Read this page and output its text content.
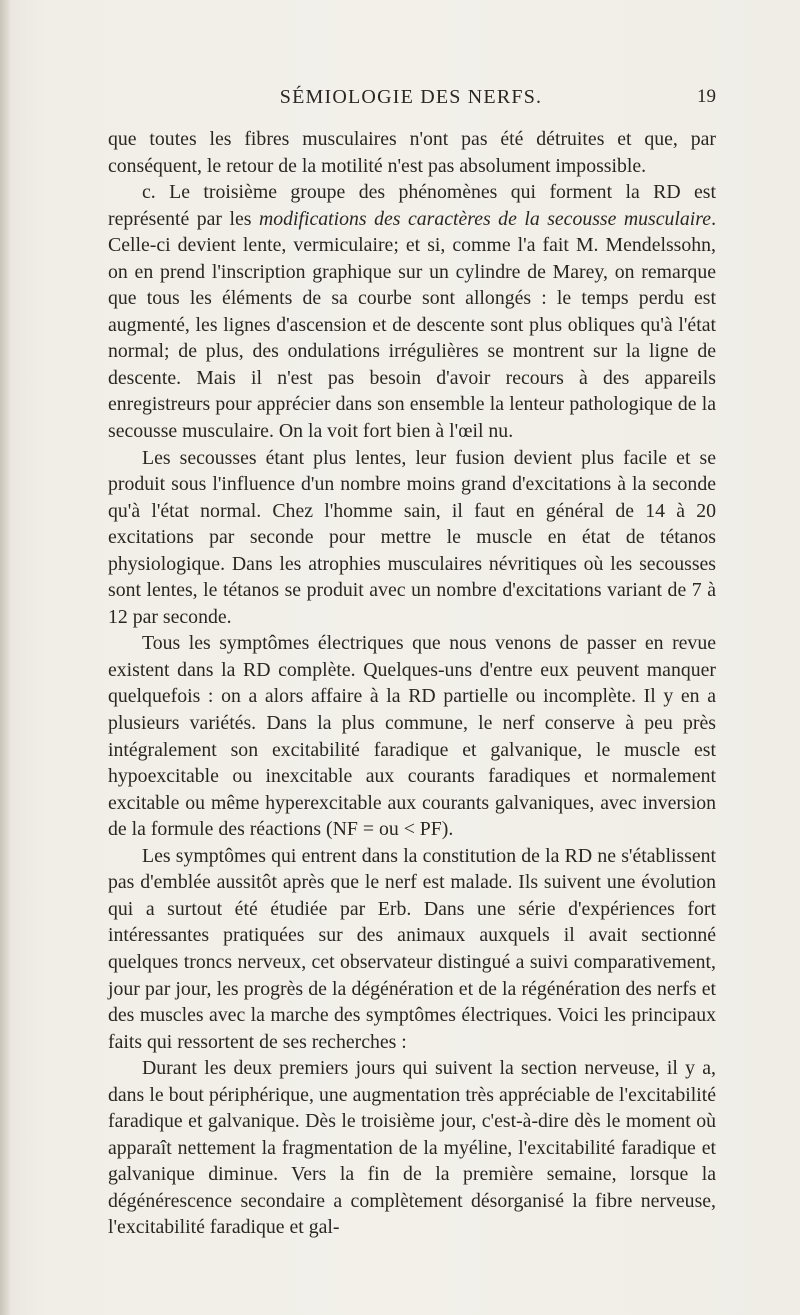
SÉMIOLOGIE DES NERFS.	19

que toutes les fibres musculaires n'ont pas été détruites et que, par conséquent, le retour de la motilité n'est pas absolument impossible.

c. Le troisième groupe des phénomènes qui forment la RD est représenté par les modifications des caractères de la secousse musculaire. Celle-ci devient lente, vermiculaire; et si, comme l'a fait M. Mendelssohn, on en prend l'inscription graphique sur un cylindre de Marey, on remarque que tous les éléments de sa courbe sont allongés : le temps perdu est augmenté, les lignes d'ascension et de descente sont plus obliques qu'à l'état normal; de plus, des ondulations irrégulières se montrent sur la ligne de descente. Mais il n'est pas besoin d'avoir recours à des appareils enregistreurs pour apprécier dans son ensemble la lenteur pathologique de la secousse musculaire. On la voit fort bien à l'œil nu.

Les secousses étant plus lentes, leur fusion devient plus facile et se produit sous l'influence d'un nombre moins grand d'excitations à la seconde qu'à l'état normal. Chez l'homme sain, il faut en général de 14 à 20 excitations par seconde pour mettre le muscle en état de tétanos physiologique. Dans les atrophies musculaires névritiques où les secousses sont lentes, le tétanos se produit avec un nombre d'excitations variant de 7 à 12 par seconde.

Tous les symptômes électriques que nous venons de passer en revue existent dans la RD complète. Quelques-uns d'entre eux peuvent manquer quelquefois : on a alors affaire à la RD partielle ou incomplète. Il y en a plusieurs variétés. Dans la plus commune, le nerf conserve à peu près intégralement son excitabilité faradique et galvanique, le muscle est hypoexcitable ou inexcitable aux courants faradiques et normalement excitable ou même hyperexcitable aux courants galvaniques, avec inversion de la formule des réactions (NF = ou < PF).

Les symptômes qui entrent dans la constitution de la RD ne s'établissent pas d'emblée aussitôt après que le nerf est malade. Ils suivent une évolution qui a surtout été étudiée par Erb. Dans une série d'expériences fort intéressantes pratiquées sur des animaux auxquels il avait sectionné quelques troncs nerveux, cet observateur distingué a suivi comparativement, jour par jour, les progrès de la dégénération et de la régénération des nerfs et des muscles avec la marche des symptômes électriques. Voici les principaux faits qui ressortent de ses recherches :

Durant les deux premiers jours qui suivent la section nerveuse, il y a, dans le bout périphérique, une augmentation très appréciable de l'excitabilité faradique et galvanique. Dès le troisième jour, c'est-à-dire dès le moment où apparaît nettement la fragmentation de la myéline, l'excitabilité faradique et galvanique diminue. Vers la fin de la première semaine, lorsque la dégénérescence secondaire a complètement désorganisé la fibre nerveuse, l'excitabilité faradique et gal-
